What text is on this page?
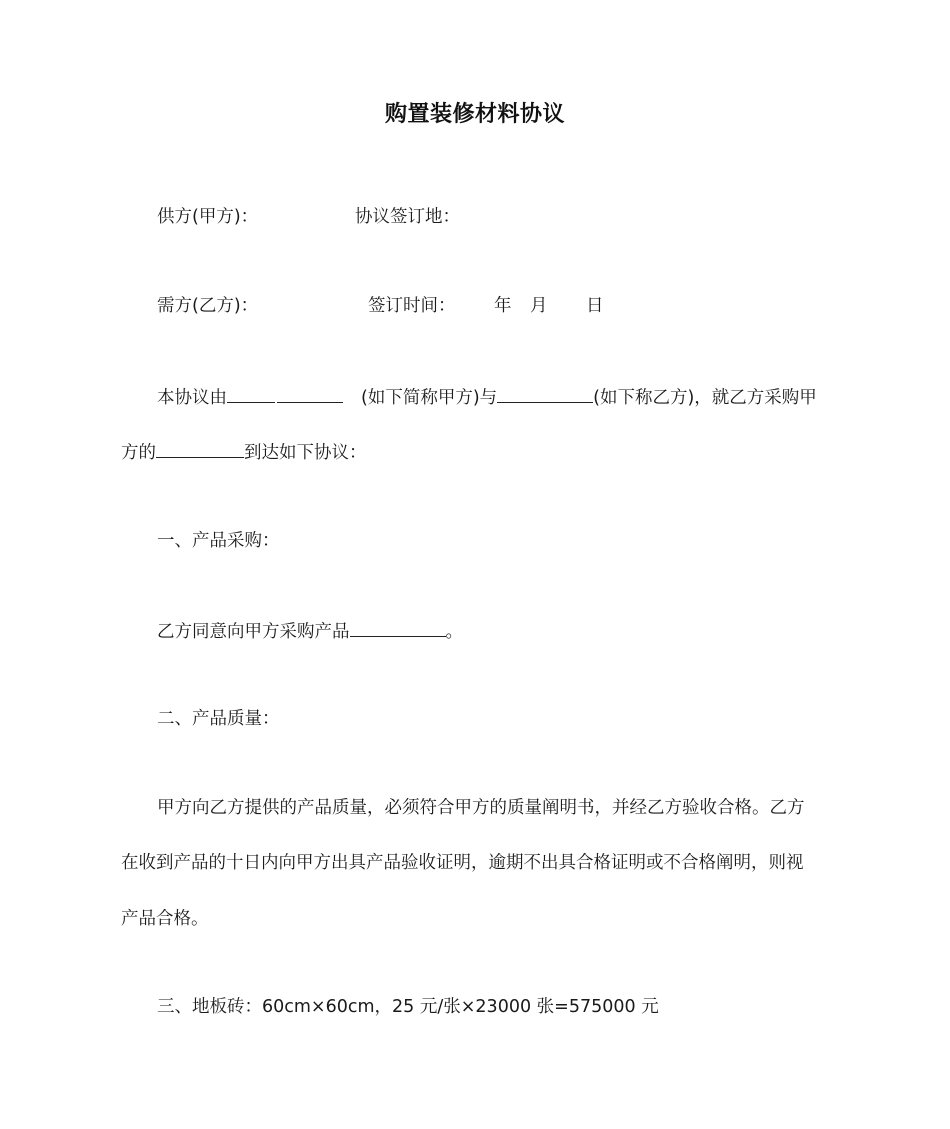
购置装修材料协议
供方(甲方)：	协议签订地：
需方(乙方)：	签订时间： 年 月 日
本协议由	(如下简称甲方)与	(如下称乙方)，就乙方采购甲
方的	到达如下协议：
一、产品采购：
乙方同意向甲方采购产品	。
二、产品质量：
甲方向乙方提供的产品质量，必须符合甲方的质量阐明书，并经乙方验收合格。乙方
在收到产品的十日内向甲方出具产品验收证明，逾期不出具合格证明或不合格阐明，则视
产品合格。
三、地板砖：60cm×60cm，25 元/张×23000 张=575000 元
